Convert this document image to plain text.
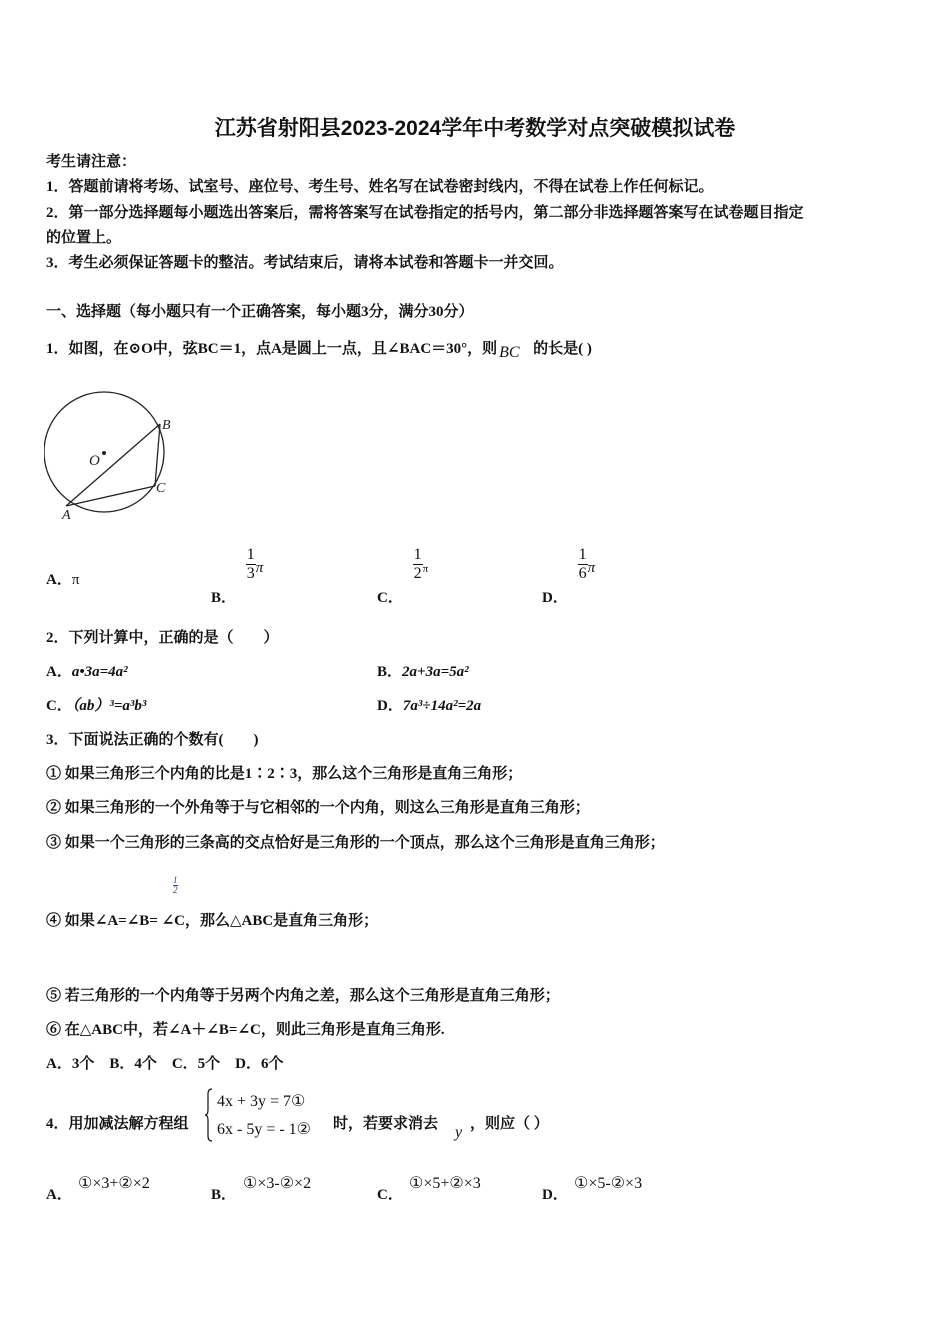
江苏省射阳县2023-2024学年中考数学对点突破模拟试卷
考生请注意：
1．答题前请将考场、试室号、座位号、考生号、姓名写在试卷密封线内，不得在试卷上作任何标记。
2．第一部分选择题每小题选出答案后，需将答案写在试卷指定的括号内，第二部分非选择题答案写在试卷题目指定
的位置上。
3．考生必须保证答题卡的整洁。考试结束后，请将本试卷和答题卡一并交回。
一、选择题（每小题只有一个正确答案，每小题3分，满分30分）
1．如图，在⊙O中，弦BC＝1，点A是圆上一点，且∠BAC＝30°，则 BC 的长是( )
O
B
C
A
A．π
B．
$\frac{1}{3}$ π
C．
$\frac{1}{2} ^\pi$
D．
$\frac{1}{6}$ π
2．下列计算中，正确的是（　　）
A．a•3a=4a²	B．2a+3a=5a²
C．（ab）³=a³b³	D．7a³÷14a²=2a
3．下面说法正确的个数有(　　)
① 如果三角形三个内角的比是1∶2∶3，那么这个三角形是直角三角形；
② 如果三角形的一个外角等于与它相邻的一个内角，则这么三角形是直角三角形；
③ 如果一个三角形的三条高的交点恰好是三角形的一个顶点，那么这个三角形是直角三角形；
$\frac{1}{2}$
④ 如果∠A=∠B= ∠C，那么△ABC是直角三角形；
⑤ 若三角形的一个内角等于另两个内角之差，那么这个三角形是直角三角形；
⑥ 在△ABC中，若∠A＋∠B=∠C，则此三角形是直角三角形.
A．3个　B．4个　C．5个　D．6个
4．用加减法解方程组
4x + 3y = 7①
6x - 5y = - 1② 时，若要求消去 y ，则应（ ）
A．
①×3+②×2
B．
①×3-②×2
C．
①×5+②×3
D．
①×5-②×3
